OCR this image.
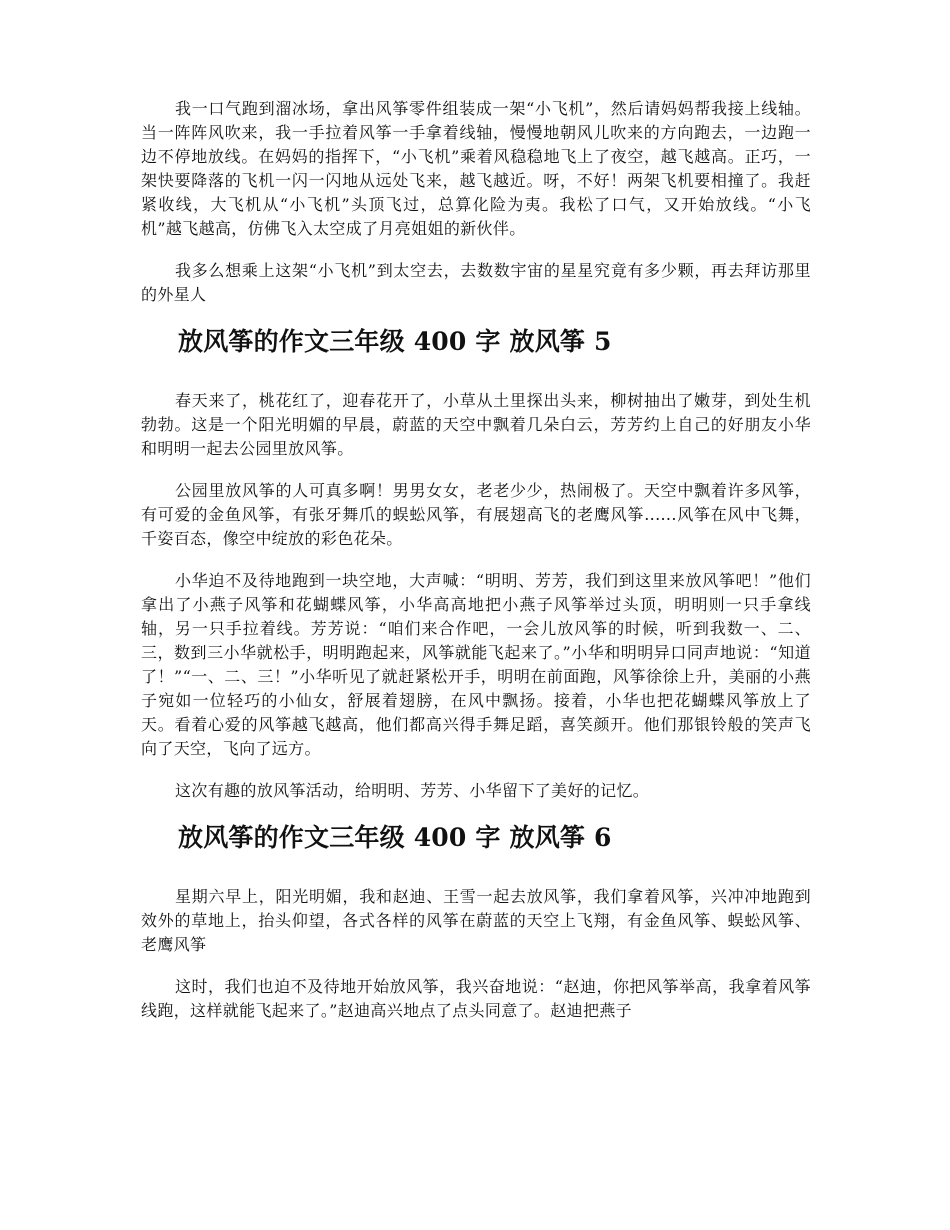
我一口气跑到溜冰场，拿出风筝零件组装成一架“小飞机”，然后请妈妈帮我接上线轴。当一阵阵风吹来，我一手拉着风筝一手拿着线轴，慢慢地朝风儿吹来的方向跑去，一边跑一边不停地放线。在妈妈的指挥下，“小飞机”乘着风稳稳地飞上了夜空，越飞越高。正巧，一架快要降落的飞机一闪一闪地从远处飞来，越飞越近。呀，不好！两架飞机要相撞了。我赶紧收线，大飞机从“小飞机”头顶飞过，总算化险为夷。我松了口气，又开始放线。“小飞机”越飞越高，仿佛飞入太空成了月亮姐姐的新伙伴。

我多么想乘上这架“小飞机”到太空去，去数数宇宙的星星究竟有多少颗，再去拜访那里的外星人

放风筝的作文三年级 400 字 放风筝 5

春天来了，桃花红了，迎春花开了，小草从土里探出头来，柳树抽出了嫩芽，到处生机勃勃。这是一个阳光明媚的早晨，蔚蓝的天空中飘着几朵白云，芳芳约上自己的好朋友小华和明明一起去公园里放风筝。

公园里放风筝的人可真多啊！男男女女，老老少少，热闹极了。天空中飘着许多风筝，有可爱的金鱼风筝，有张牙舞爪的蜈蚣风筝，有展翅高飞的老鹰风筝......风筝在风中飞舞，千姿百态，像空中绽放的彩色花朵。

小华迫不及待地跑到一块空地，大声喊：“明明、芳芳，我们到这里来放风筝吧！”他们拿出了小燕子风筝和花蝴蝶风筝，小华高高地把小燕子风筝举过头顶，明明则一只手拿线轴，另一只手拉着线。芳芳说：“咱们来合作吧，一会儿放风筝的时候，听到我数一、二、三，数到三小华就松手，明明跑起来，风筝就能飞起来了。”小华和明明异口同声地说：“知道了！”“一、二、三！”小华听见了就赶紧松开手，明明在前面跑，风筝徐徐上升，美丽的小燕子宛如一位轻巧的小仙女，舒展着翅膀，在风中飘扬。接着，小华也把花蝴蝶风筝放上了天。看着心爱的风筝越飞越高，他们都高兴得手舞足蹈，喜笑颜开。他们那银铃般的笑声飞向了天空，飞向了远方。

这次有趣的放风筝活动，给明明、芳芳、小华留下了美好的记忆。

放风筝的作文三年级 400 字 放风筝 6

星期六早上，阳光明媚，我和赵迪、王雪一起去放风筝，我们拿着风筝，兴冲冲地跑到效外的草地上，抬头仰望，各式各样的风筝在蔚蓝的天空上飞翔，有金鱼风筝、蜈蚣风筝、老鹰风筝

这时，我们也迫不及待地开始放风筝，我兴奋地说：“赵迪，你把风筝举高，我拿着风筝线跑，这样就能飞起来了。”赵迪高兴地点了点头同意了。赵迪把燕子
